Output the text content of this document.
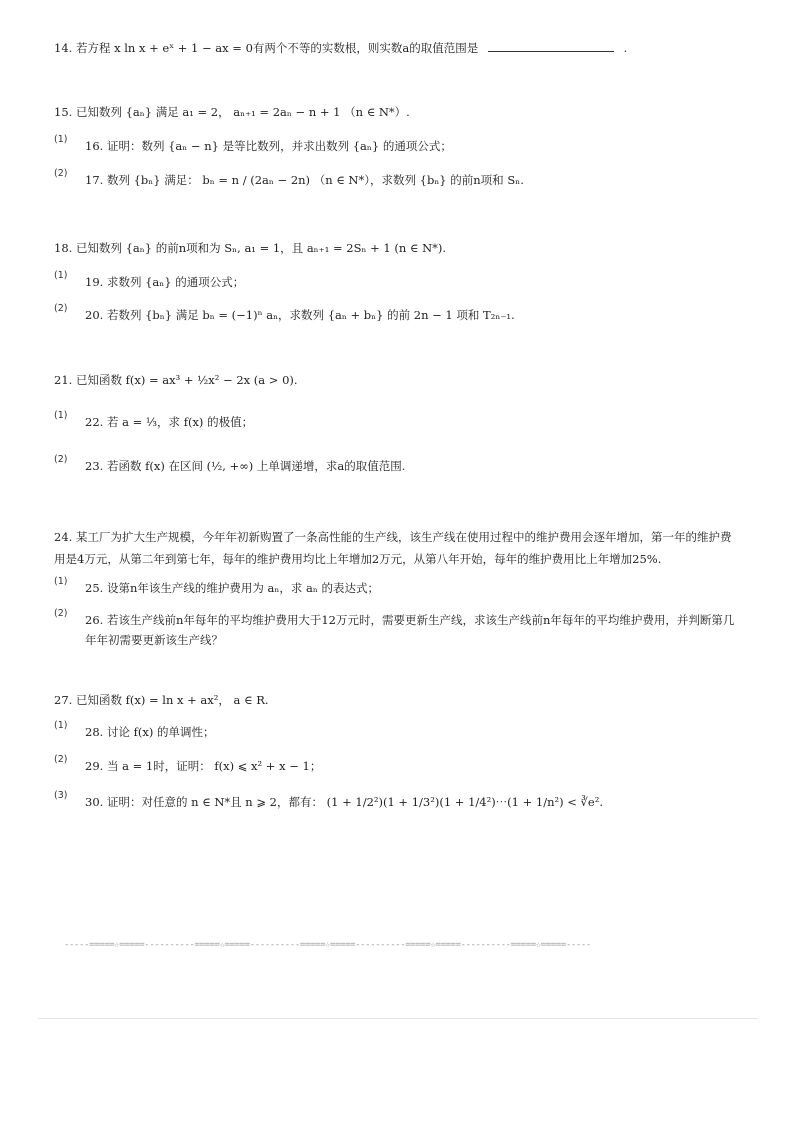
14. 若方程 x ln x + eˣ + 1 − ax = 0有两个不等的实数根，则实数a的取值范围是	.
15. 已知数列 {aₙ} 满足 a₁ = 2， aₙ₊₁ = 2aₙ − n + 1 （n ∈ N*）.
(1) 16. 证明：数列 {aₙ − n} 是等比数列，并求出数列 {aₙ} 的通项公式；
(2) 17. 数列 {bₙ} 满足： bₙ = n / (2aₙ − 2n) （n ∈ N*），求数列 {bₙ} 的前n项和 Sₙ.
18. 已知数列 {aₙ} 的前n项和为 Sₙ, a₁ = 1，且 aₙ₊₁ = 2Sₙ + 1 (n ∈ N*).
(1) 19. 求数列 {aₙ} 的通项公式；
(2) 20. 若数列 {bₙ} 满足 bₙ = (−1)ⁿ aₙ，求数列 {aₙ + bₙ} 的前 2n − 1 项和 T₂ₙ₋₁.
21. 已知函数 f(x) = ax³ + ½x² − 2x (a > 0).
(1) 22. 若 a = ⅓，求 f(x) 的极值；
(2) 23. 若函数 f(x) 在区间 (½, +∞) 上单调递增，求a的取值范围.
24. 某工厂为扩大生产规模，今年年初新购置了一条高性能的生产线，该生产线在使用过程中的维护费用会逐年增加，第一年的维护费用是4万元，从第二年到第七年，每年的维护费用均比上年增加2万元，从第八年开始，每年的维护费用比上年增加25%.
(1) 25. 设第n年该生产线的维护费用为 aₙ，求 aₙ 的表达式；
(2) 26. 若该生产线前n年每年的平均维护费用大于12万元时，需要更新生产线，求该生产线前n年每年的平均维护费用，并判断第几年年初需要更新该生产线？
27. 已知函数 f(x) = ln x + ax²， a ∈ R.
(1) 28. 讨论 f(x) 的单调性；
(2) 29. 当 a = 1时，证明： f(x) ⩽ x² + x − 1；
(3) 30. 证明：对任意的 n ∈ N*且 n ⩾ 2，都有： (1 + 1/2²)(1 + 1/3²)(1 + 1/4²)⋯(1 + 1/n²) < ∛e².
-----=====☆=====----------=====☆=====----------=====☆=====----------=====☆=====----------=====☆=====-----
